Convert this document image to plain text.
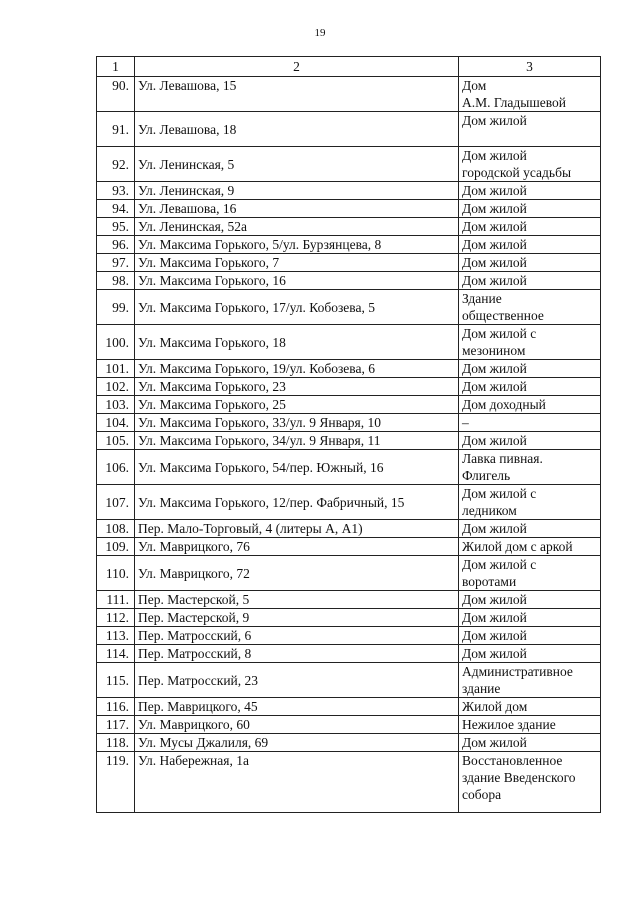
19
1	2	3
90.	Ул. Левашова, 15	Дом
А.М. Гладышевой
91.	Ул. Левашова, 18	Дом жилой
92.	Ул. Ленинская, 5	Дом жилой
городской усадьбы
93.	Ул. Ленинская, 9	Дом жилой
94.	Ул. Левашова, 16	Дом жилой
95.	Ул. Ленинская, 52а	Дом жилой
96.	Ул. Максима Горького, 5/ул. Бурзянцева, 8	Дом жилой
97.	Ул. Максима Горького, 7	Дом жилой
98.	Ул. Максима Горького, 16	Дом жилой
99.	Ул. Максима Горького, 17/ул. Кобозева, 5	Здание
общественное
100.	Ул. Максима Горького, 18	Дом жилой с
мезонином
101.	Ул. Максима Горького, 19/ул. Кобозева, 6	Дом жилой
102.	Ул. Максима Горького, 23	Дом жилой
103.	Ул. Максима Горького, 25	Дом доходный
104.	Ул. Максима Горького, 33/ул. 9 Января, 10	–
105.	Ул. Максима Горького, 34/ул. 9 Января, 11	Дом жилой
106.	Ул. Максима Горького, 54/пер. Южный, 16	Лавка пивная.
Флигель
107.	Ул. Максима Горького, 12/пер. Фабричный, 15	Дом жилой с
ледником
108.	Пер. Мало-Торговый, 4 (литеры А, А1)	Дом жилой
109.	Ул. Маврицкого, 76	Жилой дом с аркой
110.	Ул. Маврицкого, 72	Дом жилой с
воротами
111.	Пер. Мастерской, 5	Дом жилой
112.	Пер. Мастерской, 9	Дом жилой
113.	Пер. Матросский, 6	Дом жилой
114.	Пер. Матросский, 8	Дом жилой
115.	Пер. Матросский, 23	Административное
здание
116.	Пер. Маврицкого, 45	Жилой дом
117.	Ул. Маврицкого, 60	Нежилое здание
118.	Ул. Мусы Джалиля, 69	Дом жилой
119.	Ул. Набережная, 1а	Восстановленное
здание Введенского
собора
